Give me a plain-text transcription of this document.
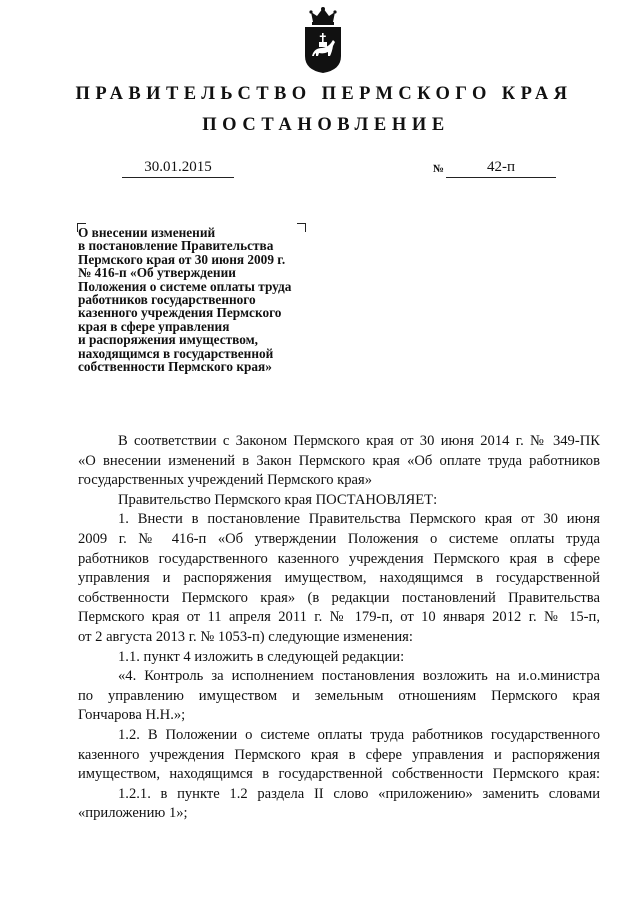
ПРАВИТЕЛЬСТВО ПЕРМСКОГО КРАЯ
ПОСТАНОВЛЕНИЕ
30.01.2015	№	42-п
О внесении изменений
в постановление Правительства
Пермского края от 30 июня 2009 г.
№ 416-п «Об утверждении
Положения о системе оплаты труда
работников государственного
казенного учреждения Пермского
края в сфере управления
и распоряжения имуществом,
находящимся в государственной
собственности Пермского края»
В соответствии с Законом Пермского края от 30 июня 2014 г. № 349-ПК
«О внесении изменений в Закон Пермского края «Об оплате труда работников
государственных учреждений Пермского края»
Правительство Пермского края ПОСТАНОВЛЯЕТ:
1. Внести в постановление Правительства Пермского края от 30 июня
2009 г. № 416-п «Об утверждении Положения о системе оплаты труда
работников государственного казенного учреждения Пермского края в сфере
управления и распоряжения имуществом, находящимся в государственной
собственности Пермского края» (в редакции постановлений Правительства
Пермского края от 11 апреля 2011 г. № 179-п, от 10 января 2012 г. № 15-п,
от 2 августа 2013 г. № 1053-п) следующие изменения:
1.1. пункт 4 изложить в следующей редакции:
«4. Контроль за исполнением постановления возложить на и.о.министра
по управлению имуществом и земельным отношениям Пермского края
Гончарова Н.Н.»;
1.2. В Положении о системе оплаты труда работников государственного
казенного учреждения Пермского края в сфере управления и распоряжения
имуществом, находящимся в государственной собственности Пермского края:
1.2.1. в пункте 1.2 раздела II слово «приложению» заменить словами
«приложению 1»;
